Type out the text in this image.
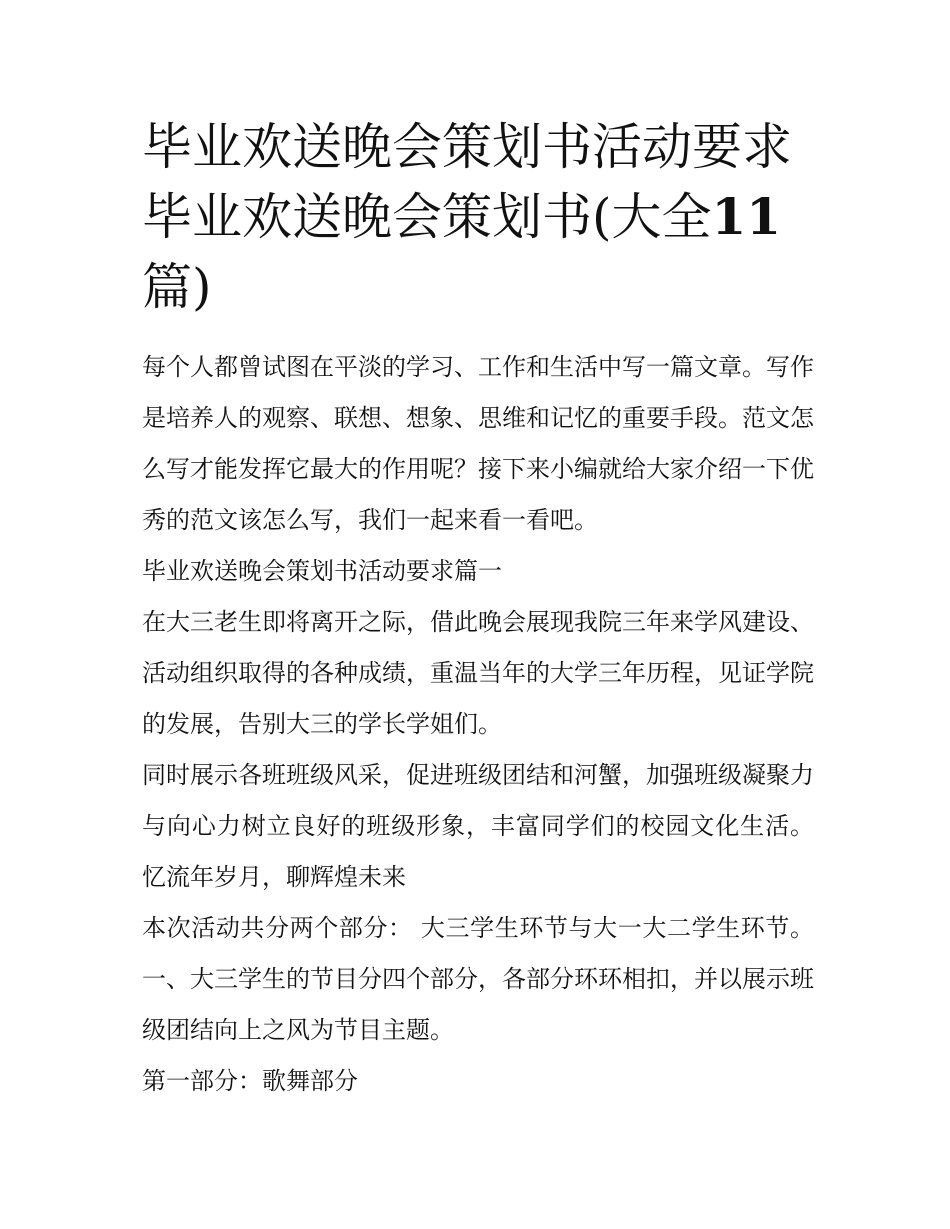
毕业欢送晚会策划书活动要求毕业欢送晚会策划书(大全11
篇)

每个人都曾试图在平淡的学习、工作和生活中写一篇文章。写作是培养人的观察、联想、想象、思维和记忆的重要手段。范文怎么写才能发挥它最大的作用呢？接下来小编就给大家介绍一下优秀的范文该怎么写，我们一起来看一看吧。

毕业欢送晚会策划书活动要求篇一

在大三老生即将离开之际，借此晚会展现我院三年来学风建设、活动组织取得的各种成绩，重温当年的大学三年历程，见证学院的发展，告别大三的学长学姐们。

同时展示各班班级风采，促进班级团结和河蟹，加强班级凝聚力与向心力树立良好的班级形象，丰富同学们的校园文化生活。 忆流年岁月，聊辉煌未来

本次活动共分两个部分： 大三学生环节与大一大二学生环节。 一、大三学生的节目分四个部分，各部分环环相扣，并以展示班级团结向上之风为节目主题。

第一部分：歌舞部分
